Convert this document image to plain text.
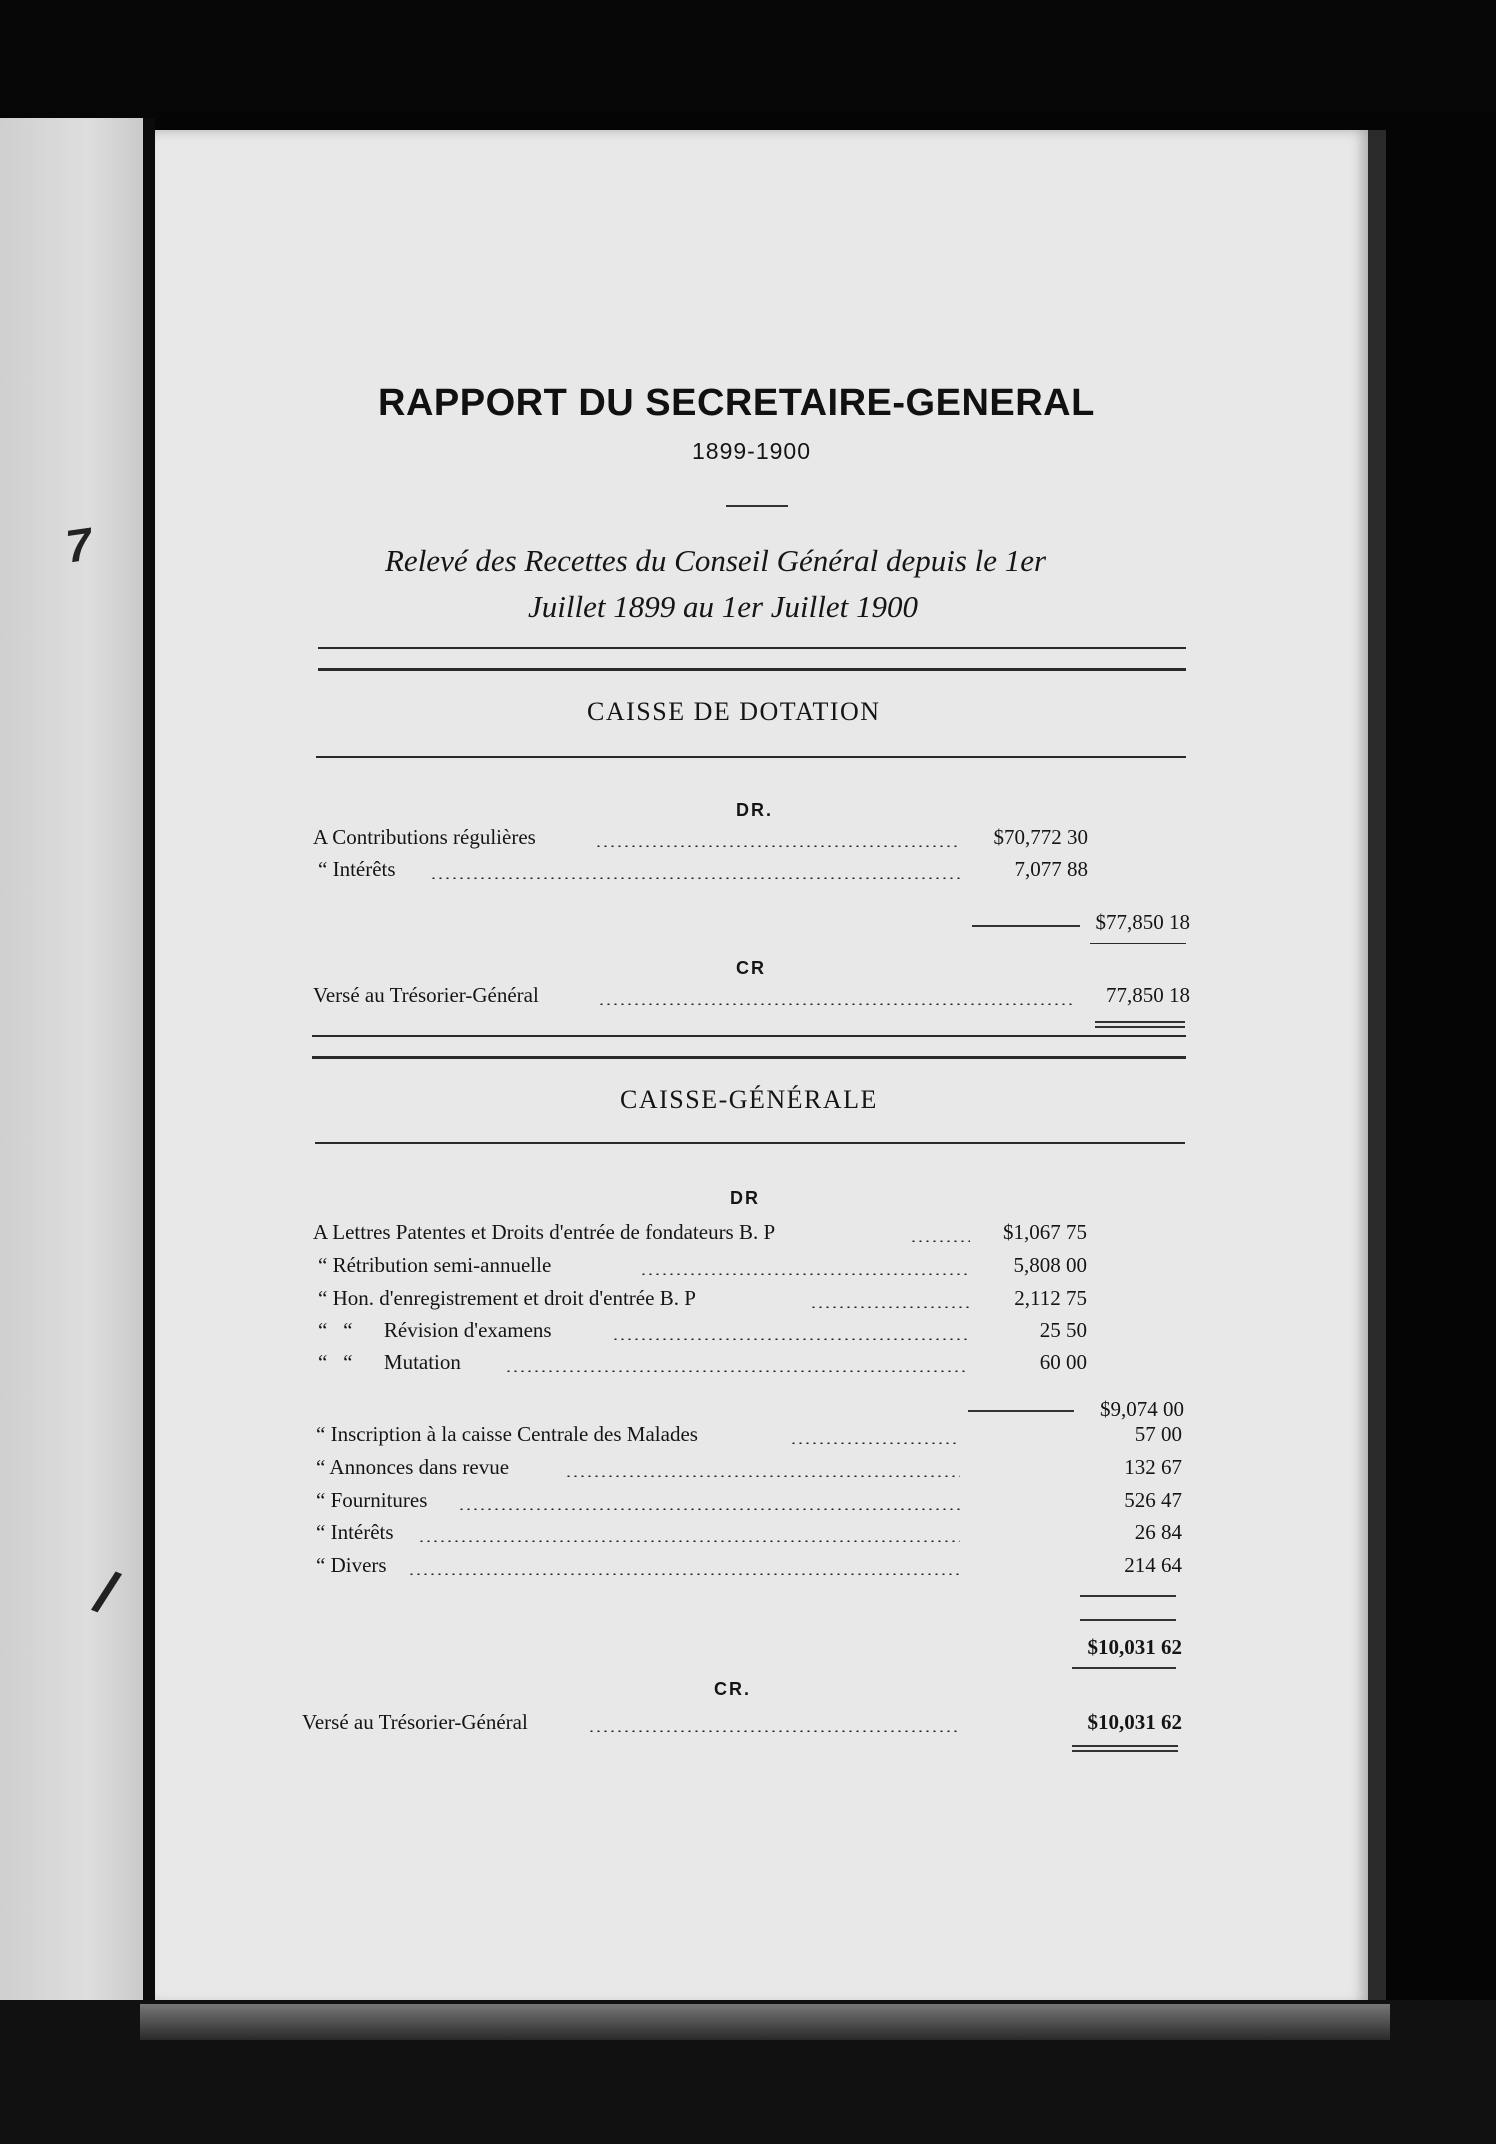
7
/
RAPPORT DU SECRETAIRE-GENERAL
1899-1900
Relevé des Recettes du Conseil Général depuis le 1er
Juillet 1899 au 1er Juillet 1900
CAISSE DE DOTATION
DR.
A Contributions régulières	$70,772 30
“ Intérêts	7,077 88
$77,850 18
CR
Versé au Trésorier-Général	77,850 18
CAISSE-GÉNÉRALE
DR
A Lettres Patentes et Droits d'entrée de fondateurs B. P	$1,067 75
“ Rétribution semi-annuelle	5,808 00
“ Hon. d'enregistrement et droit d'entrée B. P	2,112 75
“   “      Révision d'examens	25 50
“   “      Mutation	60 00
$9,074 00
“ Inscription à la caisse Centrale des Malades	57 00
“ Annonces dans revue	132 67
“ Fournitures	526 47
“ Intérêts	26 84
“ Divers	214 64
$10,031 62
CR.
Versé au Trésorier-Général	$10,031 62
